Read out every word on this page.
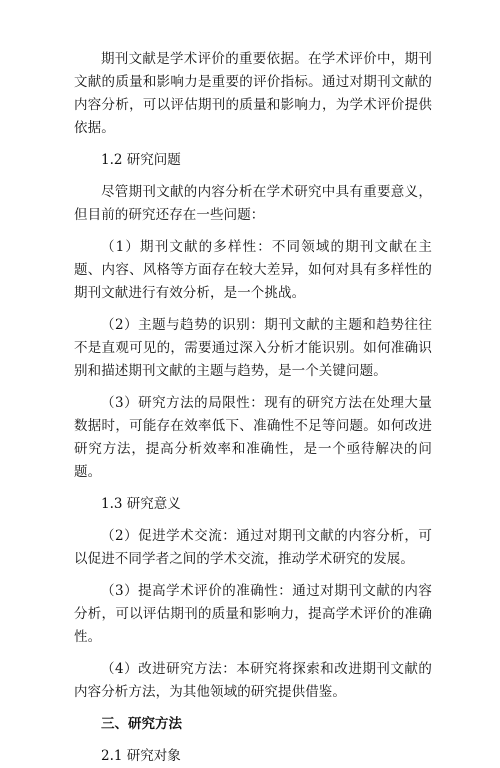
期刊文献是学术评价的重要依据。在学术评价中，期刊文献的质量和影响力是重要的评价指标。通过对期刊文献的内容分析，可以评估期刊的质量和影响力，为学术评价提供依据。

1.2 研究问题

尽管期刊文献的内容分析在学术研究中具有重要意义，但目前的研究还存在一些问题：

（1）期刊文献的多样性：不同领域的期刊文献在主题、内容、风格等方面存在较大差异，如何对具有多样性的期刊文献进行有效分析，是一个挑战。

（2）主题与趋势的识别：期刊文献的主题和趋势往往不是直观可见的，需要通过深入分析才能识别。如何准确识别和描述期刊文献的主题与趋势，是一个关键问题。

（3）研究方法的局限性：现有的研究方法在处理大量数据时，可能存在效率低下、准确性不足等问题。如何改进研究方法，提高分析效率和准确性，是一个亟待解决的问题。

1.3 研究意义

（2）促进学术交流：通过对期刊文献的内容分析，可以促进不同学者之间的学术交流，推动学术研究的发展。

（3）提高学术评价的准确性：通过对期刊文献的内容分析，可以评估期刊的质量和影响力，提高学术评价的准确性。

（4）改进研究方法：本研究将探索和改进期刊文献的内容分析方法，为其他领域的研究提供借鉴。

三、研究方法

2.1 研究对象
